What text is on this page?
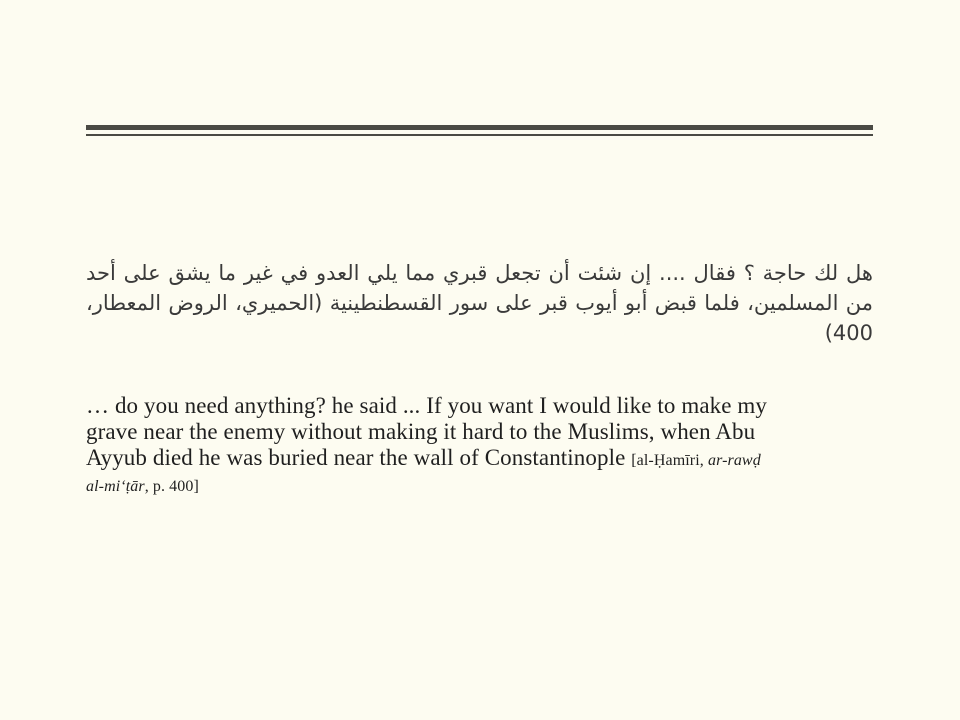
هل لك حاجة ؟ فقال .... إن شئت أن تجعل قبري مما يلي العدو في غير ما يشق على أحد من المسلمين، فلما قبض أبو أيوب قبر على سور القسطنطينية (الحميري، الروض المعطار، 400)
… do you need anything? he said ... If you want I would like to make my
grave near the enemy without making it hard to the Muslims, when Abu
Ayyub died he was buried near the wall of Constantinople [al-Ḥamīri, ar-rawḍ
al-mi‘ṭār, p. 400]
